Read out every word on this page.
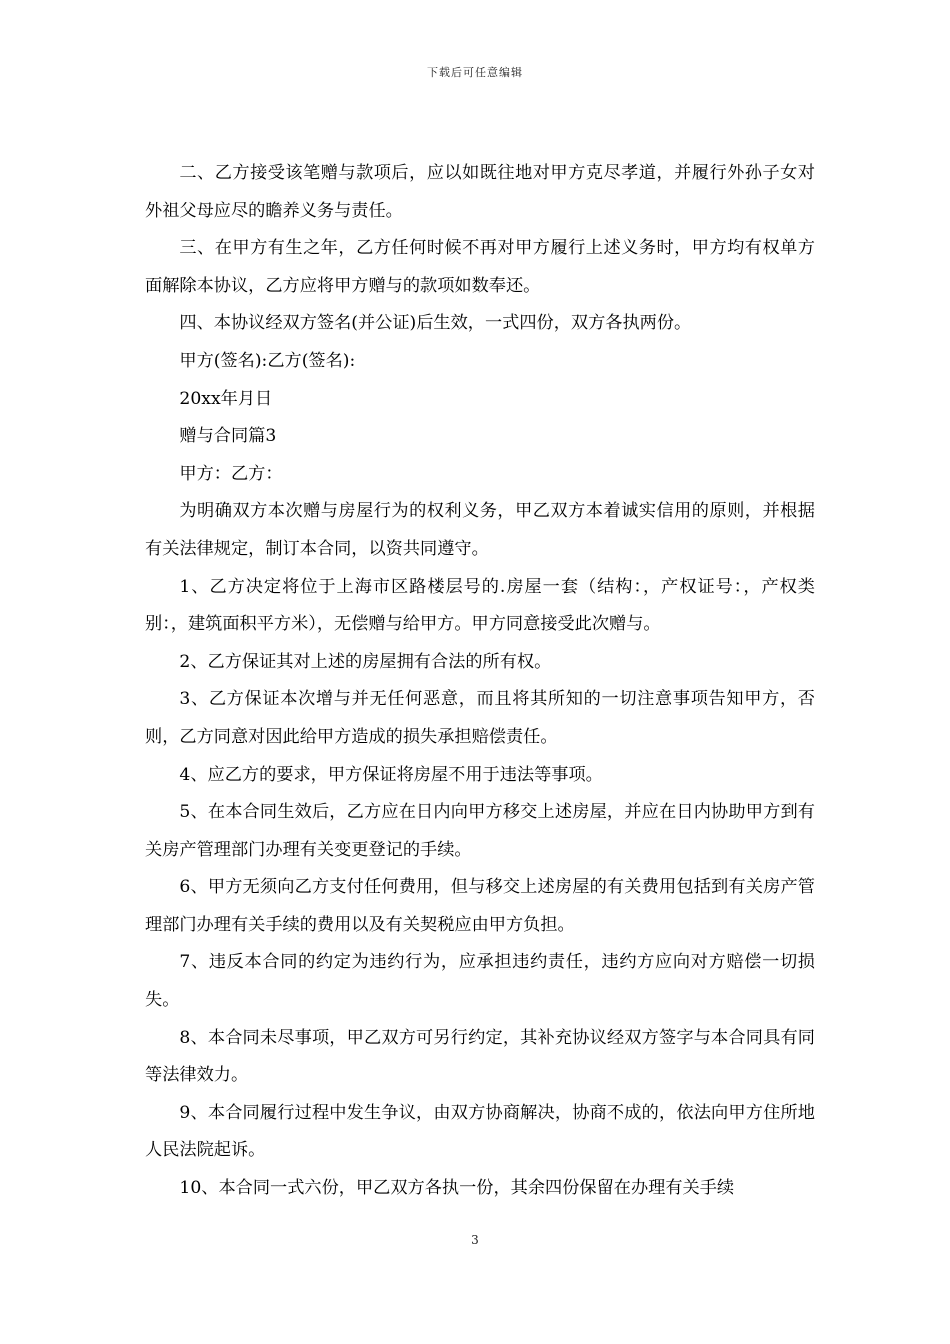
下载后可任意编辑

二、乙方接受该笔赠与款项后，应以如既往地对甲方克尽孝道，并履行外孙子女对外祖父母应尽的瞻养义务与责任。

三、在甲方有生之年，乙方任何时候不再对甲方履行上述义务时，甲方均有权单方面解除本协议，乙方应将甲方赠与的款项如数奉还。

四、本协议经双方签名(并公证)后生效，一式四份，双方各执两份。

甲方(签名):乙方(签名):

20xx年月日

赠与合同篇3

甲方：乙方：

为明确双方本次赠与房屋行为的权利义务，甲乙双方本着诚实信用的原则，并根据有关法律规定，制订本合同，以资共同遵守。

1、乙方决定将位于上海市区路楼层号的.房屋一套（结构：，产权证号：，产权类别：，建筑面积平方米），无偿赠与给甲方。甲方同意接受此次赠与。

2、乙方保证其对上述的房屋拥有合法的所有权。

3、乙方保证本次增与并无任何恶意，而且将其所知的一切注意事项告知甲方，否则，乙方同意对因此给甲方造成的损失承担赔偿责任。

4、应乙方的要求，甲方保证将房屋不用于违法等事项。

5、在本合同生效后，乙方应在日内向甲方移交上述房屋，并应在日内协助甲方到有关房产管理部门办理有关变更登记的手续。

6、甲方无须向乙方支付任何费用，但与移交上述房屋的有关费用包括到有关房产管理部门办理有关手续的费用以及有关契税应由甲方负担。

7、违反本合同的约定为违约行为，应承担违约责任，违约方应向对方赔偿一切损失。

8、本合同未尽事项，甲乙双方可另行约定，其补充协议经双方签字与本合同具有同等法律效力。

9、本合同履行过程中发生争议，由双方协商解决，协商不成的，依法向甲方住所地人民法院起诉。

10、本合同一式六份，甲乙双方各执一份，其余四份保留在办理有关手续

3
